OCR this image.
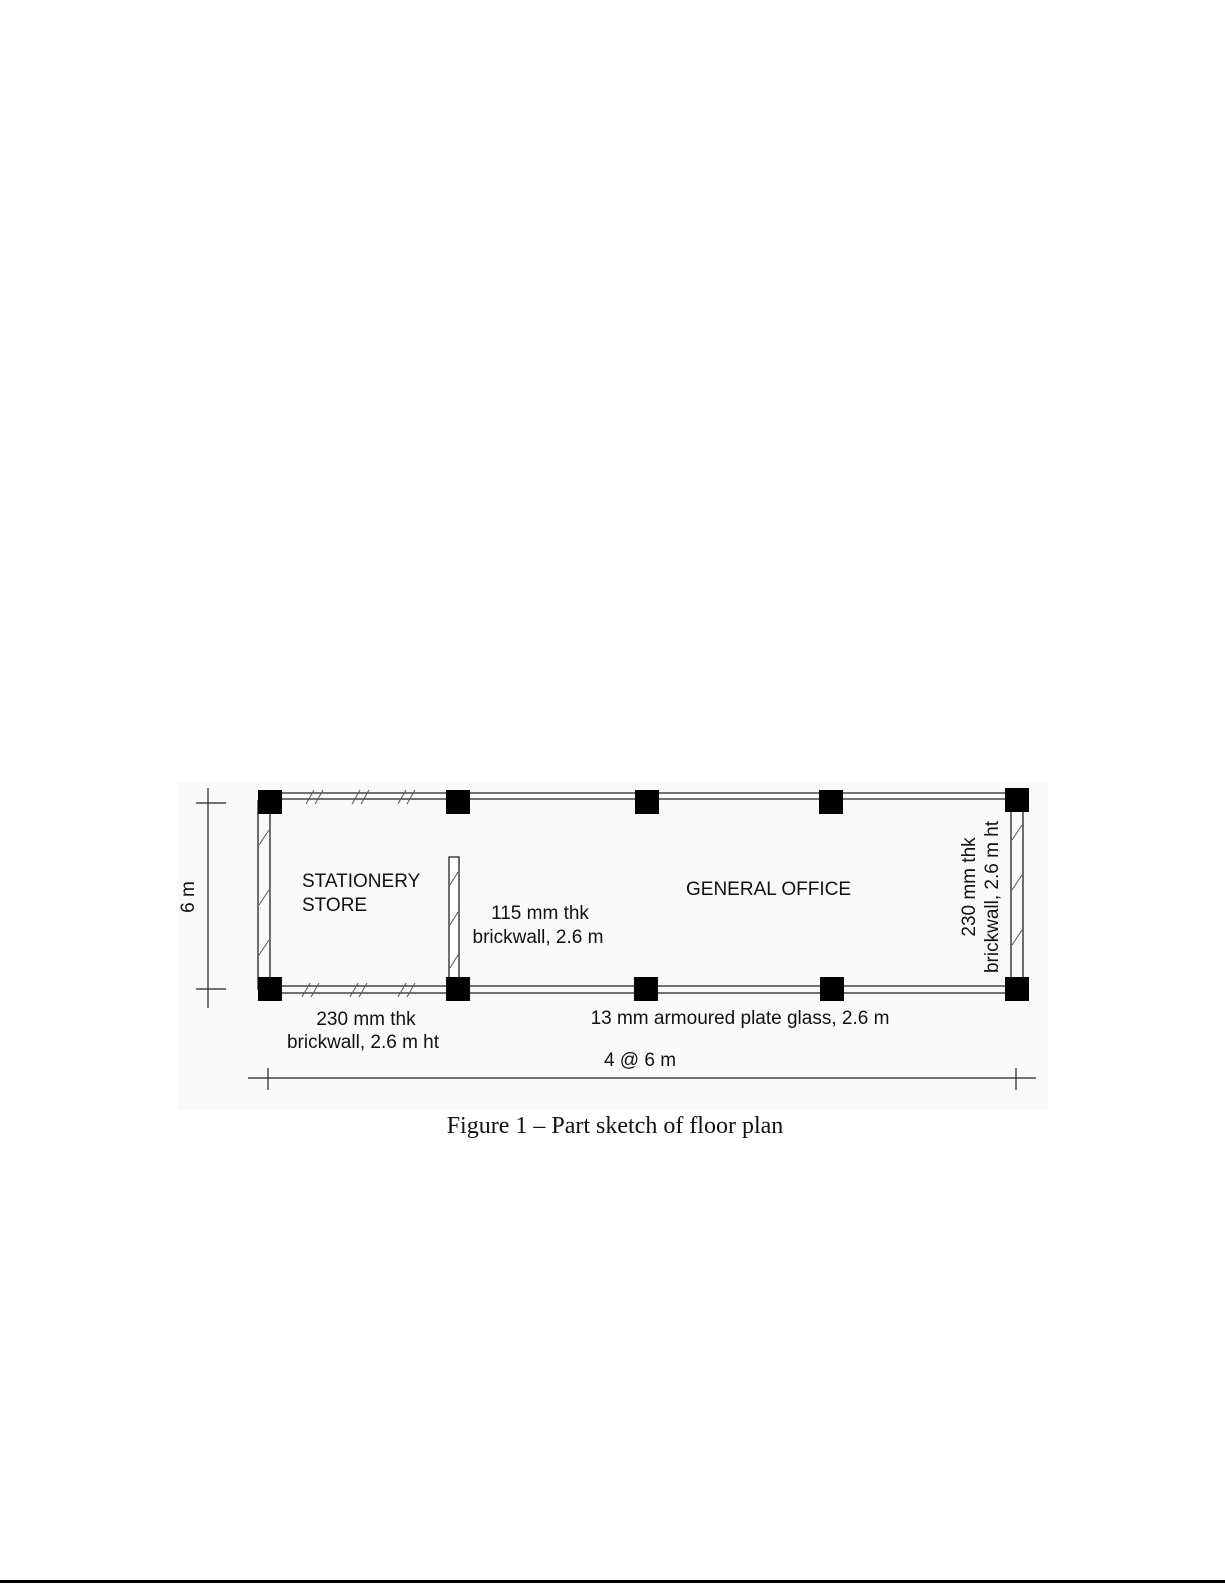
6 m
4 @ 6 m
STATIONERY
STORE
GENERAL OFFICE
115 mm thk
brickwall, 2.6 m
230 mm thk
brickwall, 2.6 m ht
13 mm armoured plate glass, 2.6 m
230 mm thk brickwall, 2.6 m ht
Figure 1 – Part sketch of floor plan
